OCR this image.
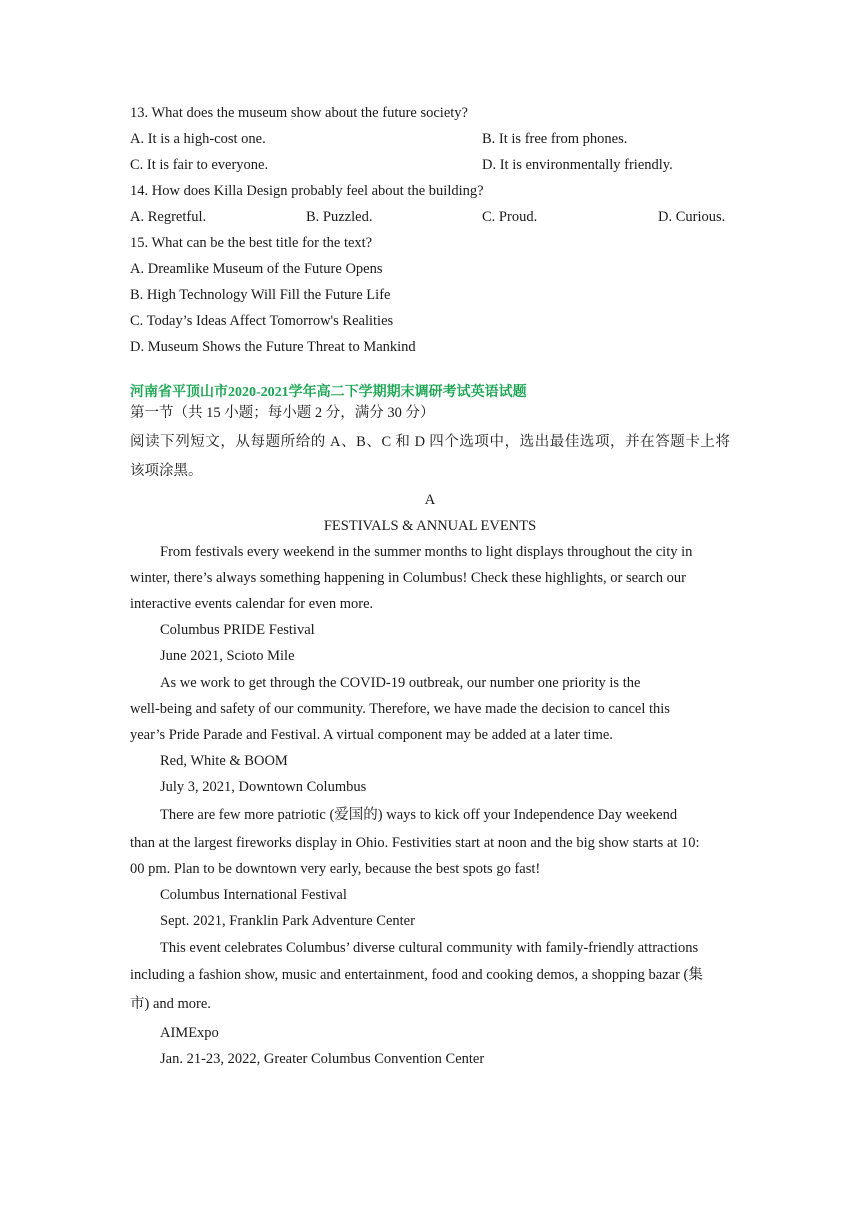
13. What does the museum show about the future society?
A. It is a high-cost one.	B. It is free from phones.
C. It is fair to everyone.	D. It is environmentally friendly.
14. How does Killa Design probably feel about the building?
A. Regretful.	B. Puzzled.	C. Proud.	D. Curious.
15. What can be the best title for the text?
A. Dreamlike Museum of the Future Opens
B. High Technology Will Fill the Future Life
C. Today’s Ideas Affect Tomorrow's Realities
D. Museum Shows the Future Threat to Mankind
河南省平顶山市2020-2021学年高二下学期期末调研考试英语试题
第一节（共 15 小题；每小题 2 分，满分 30 分）
阅读下列短文，从每题所给的 A、B、C 和 D 四个选项中，选出最佳选项，并在答题卡上将
该项涂黑。
A
FESTIVALS & ANNUAL EVENTS
From festivals every weekend in the summer months to light displays throughout the city in
winter, there’s always something happening in Columbus! Check these highlights, or search our
interactive events calendar for even more.
Columbus PRIDE Festival
June 2021, Scioto Mile
As we work to get through the COVID-19 outbreak, our number one priority is the
well-being and safety of our community. Therefore, we have made the decision to cancel this
year’s Pride Parade and Festival. A virtual component may be added at a later time.
Red, White & BOOM
July 3, 2021, Downtown Columbus
There are few more patriotic (爱国的) ways to kick off your Independence Day weekend
than at the largest fireworks display in Ohio. Festivities start at noon and the big show starts at 10:
00 pm. Plan to be downtown very early, because the best spots go fast!
Columbus International Festival
Sept. 2021, Franklin Park Adventure Center
This event celebrates Columbus’ diverse cultural community with family-friendly attractions
including a fashion show, music and entertainment, food and cooking demos, a shopping bazar (集
市) and more.
AIMExpo
Jan. 21-23, 2022, Greater Columbus Convention Center
